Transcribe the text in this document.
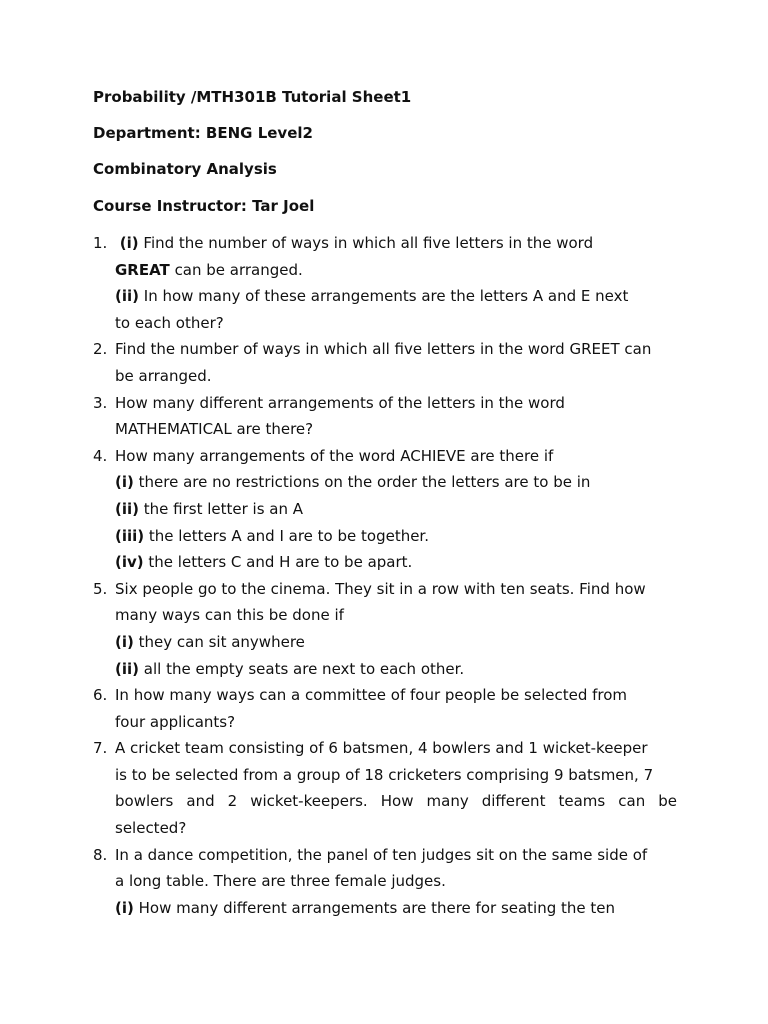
Probability /MTH301B Tutorial Sheet1
Department: BENG Level2
Combinatory Analysis
Course Instructor: Tar Joel
1. (i) Find the number of ways in which all five letters in the word
GREAT can be arranged.
(ii) In how many of these arrangements are the letters A and E next
to each other?
2. Find the number of ways in which all five letters in the word GREET can
be arranged.
3. How many different arrangements of the letters in the word
MATHEMATICAL are there?
4. How many arrangements of the word ACHIEVE are there if
(i) there are no restrictions on the order the letters are to be in
(ii) the first letter is an A
(iii) the letters A and I are to be together.
(iv) the letters C and H are to be apart.
5. Six people go to the cinema. They sit in a row with ten seats. Find how
many ways can this be done if
(i) they can sit anywhere
(ii) all the empty seats are next to each other.
6. In how many ways can a committee of four people be selected from
four applicants?
7. A cricket team consisting of 6 batsmen, 4 bowlers and 1 wicket-keeper
is to be selected from a group of 18 cricketers comprising 9 batsmen, 7
bowlers and 2 wicket-keepers. How many different teams can be
selected?
8. In a dance competition, the panel of ten judges sit on the same side of
a long table. There are three female judges.
(i) How many different arrangements are there for seating the ten
